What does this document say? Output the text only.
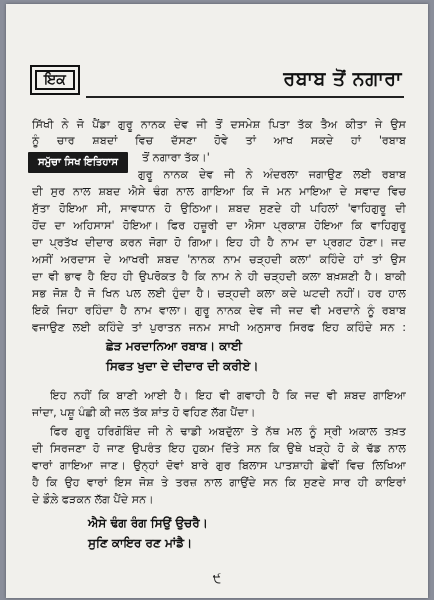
ਇਕ	ਰਬਾਬ ਤੋਂ ਨਗਾਰਾ
ਸਿੱਖੀ ਨੇ ਜੋ ਪੈਂਡਾ ਗੁਰੂ ਨਾਨਕ ਦੇਵ ਜੀ ਤੋਂ ਦਸਮੇਸ਼ ਪਿਤਾ ਤੱਕ ਤੈਅ ਕੀਤਾ ਜੇ ਉਸ
ਨੂੰ ਚਾਰ ਸ਼ਬਦਾਂ ਵਿਚ ਦੱਸਣਾ ਹੋਵੇ ਤਾਂ ਆਖ ਸਕਦੇ ਹਾਂ 'ਰਬਾਬ
ਸਮੁੱਚਾ ਸਿਖ ਇਤਿਹਾਸ	ਤੋਂ ਨਗਾਰਾ ਤੱਕ।'
ਗੁਰੂ ਨਾਨਕ ਦੇਵ ਜੀ ਨੇ ਅੰਦਰਲਾ ਜਗਾਉਣ ਲਈ ਰਬਾਬ
ਦੀ ਸੁਰ ਨਾਲ ਸ਼ਬਦ ਐਸੇ ਢੰਗ ਨਾਲ ਗਾਇਆ ਕਿ ਜੋ ਮਨ ਮਾਇਆ ਦੇ ਸਵਾਦ ਵਿਚ
ਸੁੱਤਾ ਹੋਇਆ ਸੀ, ਸਾਵਧਾਨ ਹੋ ਉਠਿਆ। ਸ਼ਬਦ ਸੁਣਦੇ ਹੀ ਪਹਿਲਾਂ 'ਵਾਹਿਗੁਰੂ ਦੀ
ਹੋਂਦ ਦਾ ਅਹਿਸਾਸ' ਹੋਇਆ। ਫਿਰ ਹਜ਼ੂਰੀ ਦਾ ਐਸਾ ਪ੍ਰਕਾਸ਼ ਹੋਇਆ ਕਿ ਵਾਹਿਗੁਰੂ
ਦਾ ਪ੍ਰਤੱਖ ਦੀਦਾਰ ਕਰਨ ਜੋਗਾ ਹੋ ਗਿਆ। ਇਹ ਹੀ ਹੈ ਨਾਮ ਦਾ ਪ੍ਰਗਟ ਹੋਣਾ। ਜਦ
ਅਸੀਂ ਅਰਦਾਸ ਦੇ ਆਖਰੀ ਸ਼ਬਦ 'ਨਾਨਕ ਨਾਮ ਚੜ੍ਹਦੀ ਕਲਾ' ਕਹਿੰਦੇ ਹਾਂ ਤਾਂ ਉਸ
ਦਾ ਵੀ ਭਾਵ ਹੈ ਇਹ ਹੀ ਉਪਰੋਕਤ ਹੈ ਕਿ ਨਾਮ ਨੇ ਹੀ ਚੜ੍ਹਦੀ ਕਲਾ ਬਖ਼ਸ਼ਣੀ ਹੈ। ਬਾਕੀ
ਸਭ ਜੋਸ਼ ਹੈ ਜੋ ਖਿਨ ਪਲ ਲਈ ਹੁੰਦਾ ਹੈ। ਚੜ੍ਹਦੀ ਕਲਾ ਕਦੇ ਘਟਦੀ ਨਹੀਂ। ਹਰ ਹਾਲ
ਇਕੋ ਜਿਹਾ ਰਹਿੰਦਾ ਹੈ ਨਾਮ ਵਾਲਾ। ਗੁਰੂ ਨਾਨਕ ਦੇਵ ਜੀ ਜਦ ਵੀ ਮਰਦਾਨੇ ਨੂੰ ਰਬਾਬ
ਵਜਾਉਣ ਲਈ ਕਹਿੰਦੇ ਤਾਂ ਪੁਰਾਤਨ ਜਨਮ ਸਾਖੀ ਅਨੁਸਾਰ ਸਿਰਫ ਇਹ ਕਹਿੰਦੇ ਸਨ :
ਛੇੜ ਮਰਦਾਨਿਆ ਰਬਾਬ। ਕਾਈ
ਸਿਫਤ ਖੁਦਾ ਦੇ ਦੀਦਾਰ ਦੀ ਕਰੀਏ।
ਇਹ ਨਹੀਂ ਕਿ ਬਾਣੀ ਆਈ ਹੈ। ਇਹ ਵੀ ਗਵਾਹੀ ਹੈ ਕਿ ਜਦ ਵੀ ਸ਼ਬਦ ਗਾਇਆ
ਜਾਂਦਾ, ਪਸ਼ੂ ਪੰਛੀ ਕੀ ਜਲ ਤੱਕ ਸ਼ਾਂਤ ਹੋ ਵਹਿਣ ਲੱਗ ਪੈਂਦਾ।
ਫਿਰ ਗੁਰੂ ਹਰਿਗੋਬਿੰਦ ਜੀ ਨੇ ਢਾਡੀ ਅਬਦੁੱਲਾ ਤੇ ਨੱਥ ਮਲ ਨੂੰ ਸ੍ਰੀ ਅਕਾਲ ਤਖ਼ਤ
ਦੀ ਸਿਰਜਣਾ ਹੋ ਜਾਣ ਉਪਰੰਤ ਇਹ ਹੁਕਮ ਦਿੱਤੇ ਸਨ ਕਿ ਉਥੇ ਖੜ੍ਹੇ ਹੋ ਕੇ ਢੱਡ ਨਾਲ
ਵਾਰਾਂ ਗਾਇਆ ਜਾਣ। ਉਨ੍ਹਾਂ ਦੋਵਾਂ ਬਾਰੇ ਗੁਰ ਬਿਲਾਸ ਪਾਤਸ਼ਾਹੀ ਛੇਵੀਂ ਵਿਚ ਲਿਖਿਆ
ਹੈ ਕਿ ਉਹ ਵਾਰਾਂ ਇਸ ਜੋਸ਼ ਤੇ ਤਰਜ਼ ਨਾਲ ਗਾਉਂਦੇ ਸਨ ਕਿ ਸੁਣਦੇ ਸਾਰ ਹੀ ਕਾਇਰਾਂ
ਦੇ ਡੌਲ਼ੇ ਫੜਕਨ ਲੱਗ ਪੈਂਦੇ ਸਨ।
ਐਸੇ ਢੰਗ ਰੰਗ ਸਿਉਂ ਉਚਰੈ।
ਸੁਣਿ ਕਾਇਰ ਰਣ ਮਾਂਡੈ।
੯
